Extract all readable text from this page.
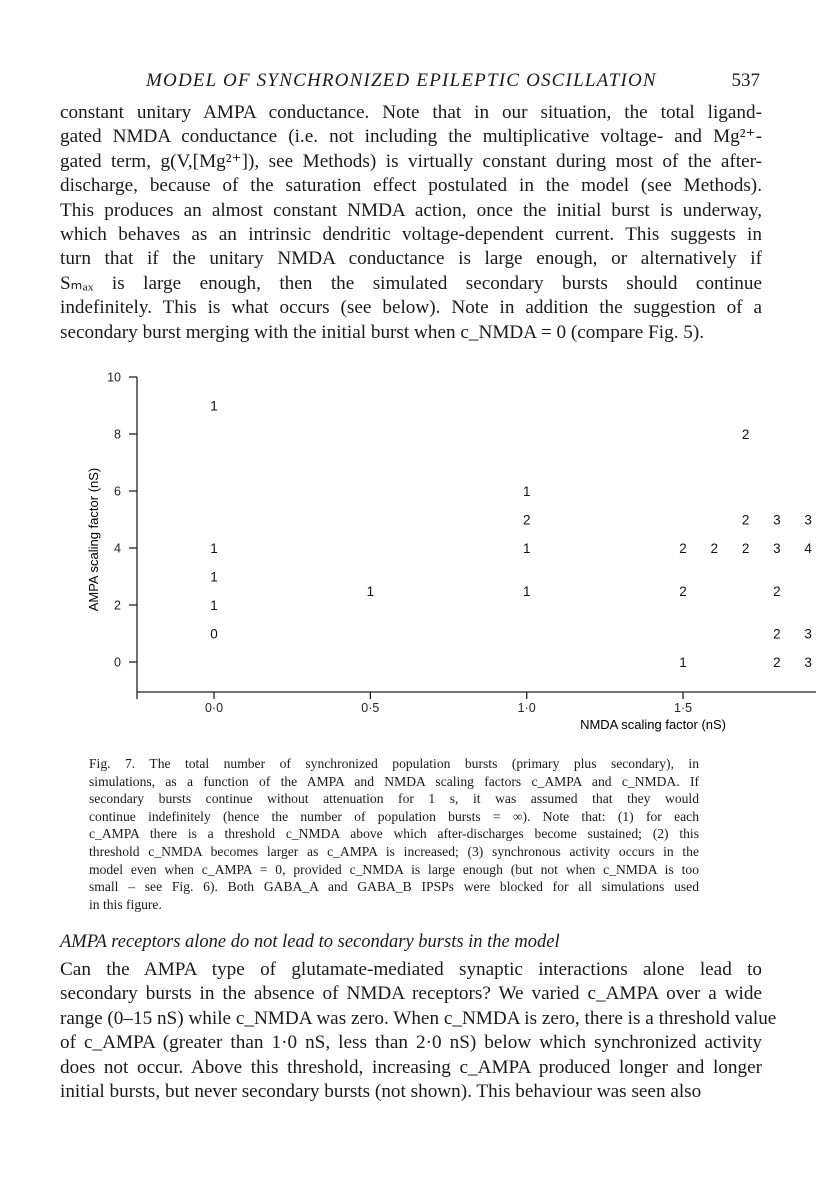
MODEL OF SYNCHRONIZED EPILEPTIC OSCILLATION	537

constant unitary AMPA conductance. Note that in our situation, the total ligand-
gated NMDA conductance (i.e. not including the multiplicative voltage- and Mg²⁺-
gated term, g(V,[Mg²⁺]), see Methods) is virtually constant during most of the after-
discharge, because of the saturation effect postulated in the model (see Methods).
This produces an almost constant NMDA action, once the initial burst is underway,
which behaves as an intrinsic dendritic voltage-dependent current. This suggests in
turn that if the unitary NMDA conductance is large enough, or alternatively if
Sₘₐₓ is large enough, then the simulated secondary bursts should continue
indefinitely. This is what occurs (see below). Note in addition the suggestion of a
secondary burst merging with the initial burst when c_NMDA = 0 (compare Fig. 5).

0·0	0·5	1·0	1·5
0
2
4
6
8
10
1
1
1
1
0
1
1
2
1
1
2
2
1
2
2
2
2
3
3
2
2
2
3
4
3
3
NMDA scaling factor (nS)
AMPA scaling factor (nS)

Fig. 7. The total number of synchronized population bursts (primary plus secondary), in
simulations, as a function of the AMPA and NMDA scaling factors c_AMPA and c_NMDA. If
secondary bursts continue without attenuation for 1 s, it was assumed that they would
continue indefinitely (hence the number of population bursts = ∞). Note that: (1) for each
c_AMPA there is a threshold c_NMDA above which after-discharges become sustained; (2) this
threshold c_NMDA becomes larger as c_AMPA is increased; (3) synchronous activity occurs in the
model even when c_AMPA = 0, provided c_NMDA is large enough (but not when c_NMDA is too
small – see Fig. 6). Both GABA_A and GABA_B IPSPs were blocked for all simulations used
in this figure.

AMPA receptors alone do not lead to secondary bursts in the model

Can the AMPA type of glutamate-mediated synaptic interactions alone lead to
secondary bursts in the absence of NMDA receptors? We varied c_AMPA over a wide
range (0–15 nS) while c_NMDA was zero. When c_NMDA is zero, there is a threshold value
of c_AMPA (greater than 1·0 nS, less than 2·0 nS) below which synchronized activity
does not occur. Above this threshold, increasing c_AMPA produced longer and longer
initial bursts, but never secondary bursts (not shown). This behaviour was seen also
